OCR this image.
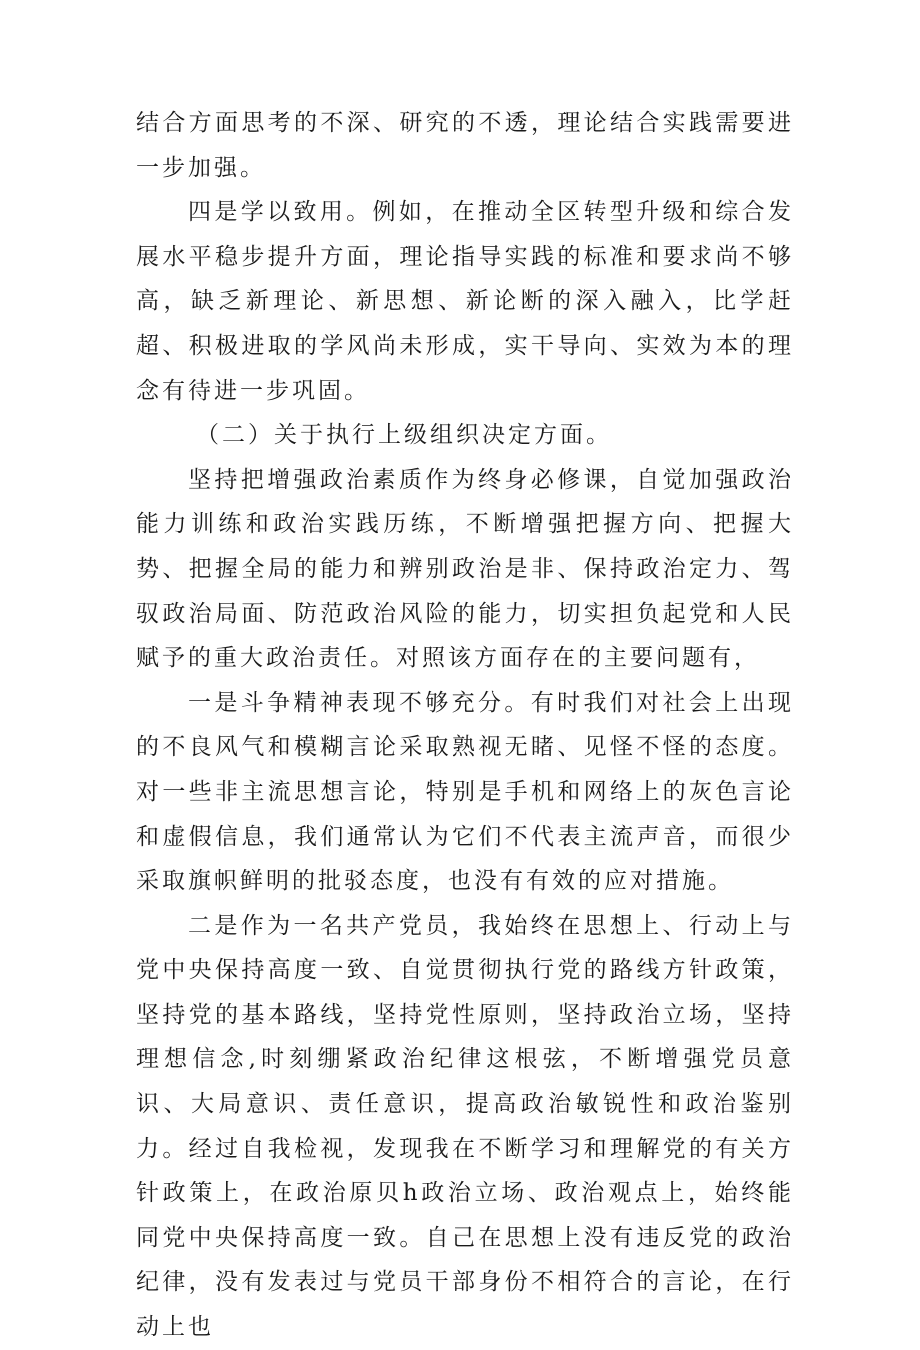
结合方面思考的不深、研究的不透，理论结合实践需要进一步加强。

四是学以致用。例如，在推动全区转型升级和综合发展水平稳步提升方面，理论指导实践的标准和要求尚不够高，缺乏新理论、新思想、新论断的深入融入，比学赶超、积极进取的学风尚未形成，实干导向、实效为本的理念有待进一步巩固。

（二）关于执行上级组织决定方面。

坚持把增强政治素质作为终身必修课，自觉加强政治能力训练和政治实践历练，不断增强把握方向、把握大势、把握全局的能力和辨别政治是非、保持政治定力、驾驭政治局面、防范政治风险的能力，切实担负起党和人民赋予的重大政治责任。对照该方面存在的主要问题有，

一是斗争精神表现不够充分。有时我们对社会上出现的不良风气和模糊言论采取熟视无睹、见怪不怪的态度。对一些非主流思想言论，特别是手机和网络上的灰色言论和虚假信息，我们通常认为它们不代表主流声音，而很少采取旗帜鲜明的批驳态度，也没有有效的应对措施。

二是作为一名共产党员，我始终在思想上、行动上与党中央保持高度一致、自觉贯彻执行党的路线方针政策，坚持党的基本路线，坚持党性原则，坚持政治立场，坚持理想信念,时刻绷紧政治纪律这根弦，不断增强党员意识、大局意识、责任意识，提高政治敏锐性和政治鉴别力。经过自我检视，发现我在不断学习和理解党的有关方针政策上，在政治原贝h政治立场、政治观点上，始终能同党中央保持高度一致。自己在思想上没有违反党的政治纪律，没有发表过与党员干部身份不相符合的言论，在行动上也
